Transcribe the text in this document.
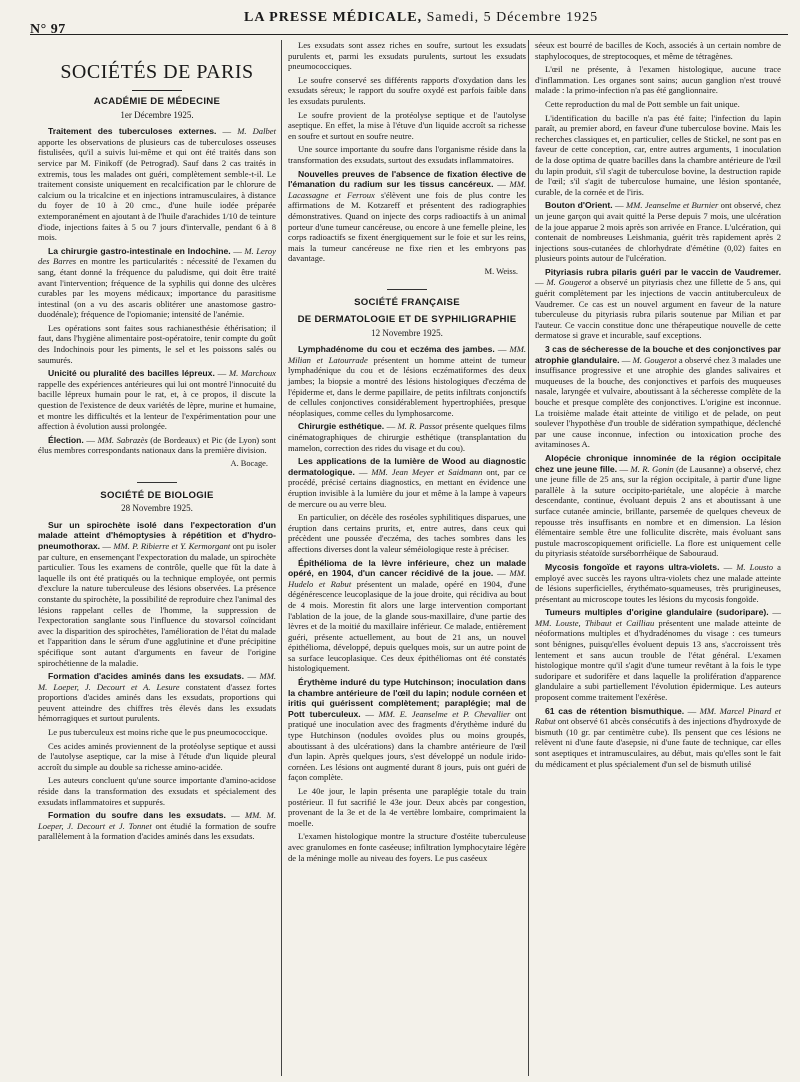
N° 97
LA PRESSE MÉDICALE, Samedi, 5 Décembre 1925
SOCIÉTÉS DE PARIS
ACADÉMIE DE MÉDECINE
1er Décembre 1925.

Traitement des tuberculoses externes. — M. Dalbet apporte les observations de plusieurs cas de tuberculoses osseuses fistulisées, qu'il a suivis lui-même et qui ont été traités dans son service par M. Finikoff (de Petrograd). Sauf dans 2 cas traités in extremis, tous les malades ont guéri, complètement semble-t-il. Le traitement consiste uniquement en recalcification par le chlorure de calcium ou la tricalcine et en injections intramusculaires, à distance du foyer de 10 à 20 cmc., d'une huile iodée préparée extemporanément en ajoutant à de l'huile d'arachides 1/10 de teinture d'iode, injections faites à 5 ou 7 jours d'intervalle, pendant 6 à 8 mois.

La chirurgie gastro-intestinale en Indochine. — M. Leroy des Barres en montre les particularités : nécessité de l'examen du sang, étant donné la fréquence du paludisme, qui doit être traité avant l'intervention; fréquence de la syphilis qui donne des ulcères curables par les moyens médicaux; importance du parasitisme intestinal (on a vu des ascaris oblitérer une anastomose gastro-duodénale); fréquence de l'opiomanie; intensité de l'anémie.

Les opérations sont faites sous rachianesthésie éthérisation; il faut, dans l'hygiène alimentaire post-opératoire, tenir compte du goût des Indochinois pour les piments, le sel et les poissons salés ou saumurés.

Unicité ou pluralité des bacilles lépreux. — M. Marchoux rappelle des expériences antérieures qui lui ont montré l'innocuité du bacille lépreux humain pour le rat, et, à ce propos, il discute la question de l'existence de deux variétés de lèpre, murine et humaine, et montre les difficultés et la lenteur de l'expérimentation pour une affection à évolution aussi prolongée.

Élection. — MM. Sabrazès (de Bordeaux) et Pic (de Lyon) sont élus membres correspondants nationaux dans la première division.

A. Bocage.
SOCIÉTÉ DE BIOLOGIE
28 Novembre 1925.

Sur un spirochète isolé dans l'expectoration d'un malade atteint d'hémoptysies à répétition et d'hydro-pneumothorax. — MM. P. Ribierre et Y. Kermorgant ont pu isoler par culture, en ensemençant l'expectoration du malade, un spirochète particulier. Tous les examens de contrôle, quelle que fût la date à laquelle ils ont été pratiqués ou la technique employée, ont permis d'exclure la nature tuberculeuse des lésions observées. La présence constante du spirochète, la possibilité de reproduire chez l'animal des lésions rappelant celles de l'homme, la suppression de l'expectoration sanglante sous l'influence du stovarsol coïncidant avec la disparition des spirochètes, l'amélioration de l'état du malade et l'apparition dans le sérum d'une agglutinine et d'une précipitine spécifique sont autant d'arguments en faveur de l'origine spirochétienne de la maladie.

Formation d'acides aminés dans les exsudats. — MM. M. Loeper, J. Decourt et A. Lesure constatent d'assez fortes proportions d'acides aminés dans les exsudats, proportions qui peuvent atteindre des chiffres très élevés dans les exsudats hémorragiques et surtout purulents.

Le pus tuberculeux est moins riche que le pus pneumococcique.

Ces acides aminés proviennent de la protéolyse septique et aussi de l'autolyse aseptique, car la mise à l'étude d'un liquide pleural accroît du simple au double sa richesse amino-acidée.

Les auteurs concluent qu'une source importante d'amino-acidose réside dans la transformation des exsudats et spécialement des exsudats inflammatoires et suppurés.

Formation du soufre dans les exsudats. — MM. M. Loeper, J. Decourt et J. Tonnet ont étudié la formation de soufre parallèlement à la formation d'acides aminés dans les exsudats.

Les exsudats sont assez riches en soufre, surtout les exsudats purulents et, parmi les exsudats purulents, surtout les exsudats pneumococciques.

Le soufre conservé ses différents rapports d'oxydation dans les exsudats séreux; le rapport du soufre oxydé est parfois faible dans les exsudats purulents.

Le soufre provient de la protéolyse septique et de l'autolyse aseptique. En effet, la mise à l'étuve d'un liquide accroît sa richesse en soufre et surtout en soufre neutre.

Une source importante du soufre dans l'organisme réside dans la transformation des exsudats, surtout des exsudats inflammatoires.

Nouvelles preuves de l'absence de fixation élective de l'émanation du radium sur les tissus cancéreux. — MM. Lacassagne et Ferroux s'élèvent une fois de plus contre les affirmations de M. Kotzareff et présentent des radiographies démonstratives. Quand on injecte des corps radioactifs à un animal porteur d'une tumeur cancéreuse, ou encore à une femelle pleine, les corps radioactifs se fixent énergiquement sur le foie et sur les reins, mais la tumeur cancéreuse ne fixe rien et les embryons pas davantage.

M. Weiss.
SOCIÉTÉ FRANÇAISE
DE DERMATOLOGIE ET DE SYPHILIGRAPHIE
12 Novembre 1925.

Lymphadénome du cou et eczéma des jambes. — MM. Milian et Latourrade présentent un homme atteint de tumeur lymphadénique du cou et de lésions eczématiformes des deux jambes; la biopsie a montré des lésions histologiques d'eczéma de l'épiderme et, dans le derme papillaire, de petits infiltrats conjonctifs de cellules conjonctives considérablement hypertrophiées, presque néoplasiques, comme celles du lymphosarcome.

Chirurgie esthétique. — M. R. Passot présente quelques films cinématographiques de chirurgie esthétique (transplantation du mamelon, correction des rides du visage et du cou).

Les applications de la lumière de Wood au diagnostic dermatologique. — MM. Jean Meyer et Saidmann ont, par ce procédé, précisé certains diagnostics, en mettant en évidence une éruption invisible à la lumière du jour et même à la lampe à vapeurs de mercure ou au verre bleu.

En particulier, on décèle des roséoles syphilitiques disparues, une éruption dans certains prurits, et, entre autres, dans ceux qui précèdent une poussée d'eczéma, des taches sombres dans les affections diverses dont la valeur séméiologique reste à préciser.

Épithélioma de la lèvre inférieure, chez un malade opéré, en 1904, d'un cancer récidivé de la joue. — MM. Hudelo et Rabut présentent un malade, opéré en 1904, d'une dégénérescence leucoplasique de la joue droite, qui récidiva au bout de 4 mois. Morestin fit alors une large intervention comportant l'ablation de la joue, de la glande sous-maxillaire, d'une partie des lèvres et de la moitié du maxillaire inférieur. Ce malade, entièrement guéri, présente actuellement, au bout de 21 ans, un nouvel épithélioma, développé, depuis quelques mois, sur un autre point de sa surface leucoplasique. Ces deux épithéliomas ont été constatés histologiquement.

Érythème induré du type Hutchinson; inoculation dans la chambre antérieure de l'œil du lapin; nodule cornéen et iritis qui guérissent complètement; paraplégie; mal de Pott tuberculeux. — MM. E. Jeanselme et P. Chevallier ont pratiqué une inoculation avec des fragments d'érythème induré du type Hutchinson (nodules ovoïdes plus ou moins groupés, aboutissant à des ulcérations) dans la chambre antérieure de l'œil d'un lapin. Après quelques jours, s'est développé un nodule irido-cornéen. Les lésions ont augmenté durant 8 jours, puis ont guéri de façon complète.

Le 40e jour, le lapin présenta une paraplégie totale du train postérieur. Il fut sacrifié le 43e jour. Deux abcès par congestion, provenant de la 3e et de la 4e vertèbre lombaire, comprimaient la moelle.

L'examen histologique montre la structure d'ostéite tuberculeuse avec granulomes en fonte caséeuse; infiltration lymphocytaire légère de la méninge molle au niveau des foyers. Le pus caséeux

séeux est bourré de bacilles de Koch, associés à un certain nombre de staphylocoques, de streptocoques, et même de tétragènes.

L'œil ne présente, à l'examen histologique, aucune trace d'inflammation. Les organes sont sains; aucun ganglion n'est trouvé malade : la primo-infection n'a pas été ganglionnaire.

Cette reproduction du mal de Pott semble un fait unique.

L'identification du bacille n'a pas été faite; l'infection du lapin paraît, au premier abord, en faveur d'une tuberculose bovine. Mais les recherches classiques et, en particulier, celles de Stickel, ne sont pas en faveur de cette conception, car, entre autres arguments, 1 inoculation de la dose optima de quatre bacilles dans la chambre antérieure de l'œil du lapin produit, s'il s'agit de tuberculose bovine, la destruction rapide de l'œil; s'il s'agit de tuberculose humaine, une lésion spontanée, curable, de la cornée et de l'iris.

Bouton d'Orient. — MM. Jeanselme et Burnier ont observé, chez un jeune garçon qui avait quitté la Perse depuis 7 mois, une ulcération de la joue apparue 2 mois après son arrivée en France. L'ulcération, qui contenait de nombreuses Leishmania, guérit très rapidement après 2 injections sous-cutanées de chlorhydrate d'émétine (0,02) faites en plusieurs points autour de l'ulcération.

Pityriasis rubra pilaris guéri par le vaccin de Vaudremer. — M. Gougerot a observé un pityriasis chez une fillette de 5 ans, qui guérit complètement par les injections de vaccin antituberculeux de Vaudremer. Ce cas est un nouvel argument en faveur de la nature tuberculeuse du pityriasis rubra pilaris soutenue par Milian et par l'auteur. Ce vaccin constitue donc une thérapeutique nouvelle de cette dermatose si grave et incurable, sauf exceptions.

3 cas de sécheresse de la bouche et des conjonctives par atrophie glandulaire. — M. Gougerot a observé chez 3 malades une insuffisance progressive et une atrophie des glandes salivaires et muqueuses de la bouche, des conjonctives et parfois des muqueuses nasale, laryngée et vulvaire, aboutissant à la sécheresse complète de la bouche et presque complète des conjonctives. L'origine est inconnue. La troisième malade était atteinte de vitiligo et de pelade, on peut soulever l'hypothèse d'un trouble de sidération sympathique, déclenché par une cause inconnue, infection ou intoxication proche des avitaminoses A.

Alopécie chronique innominée de la région occipitale chez une jeune fille. — M. R. Gonin (de Lausanne) a observé, chez une jeune fille de 25 ans, sur la région occipitale, à partir d'une ligne parallèle à la suture occipito-pariétale, une alopécie à marche descendante, continue, évoluant depuis 2 ans et aboutissant à une surface cutanée amincie, brillante, parsemée de quelques cheveux de repousse très insuffisants en nombre et en dimension. La lésion élémentaire semble être une folliculite discrète, mais évoluant sans pustule macroscopiquement orificielle. La flore est uniquement celle du pityriasis stéatoïde surséborrhéique de Sabouraud.

Mycosis fongoïde et rayons ultra-violets. — M. Lousto a employé avec succès les rayons ultra-violets chez une malade atteinte de lésions superficielles, érythémato-squameuses, très prurigineuses, présentant au microscope toutes les lésions du mycosis fongoïde.

Tumeurs multiples d'origine glandulaire (sudoripare). — MM. Louste, Thibaut et Cailliau présentent une malade atteinte de néoformations multiples et d'hydradénomes du visage : ces tumeurs sont bénignes, puisqu'elles évoluent depuis 13 ans, s'accroissent très lentement et sans aucun trouble de l'état général. L'examen histologique montre qu'il s'agit d'une tumeur revêtant à la fois le type sudoripare et sudorifère et dans laquelle la prolifération d'apparence glandulaire a subi partiellement l'évolution épidermique. Les auteurs proposent comme traitement l'exérèse.

61 cas de rétention bismuthique. — MM. Marcel Pinard et Rabut ont observé 61 abcès consécutifs à des injections d'hydroxyde de bismuth (10 gr. par centimètre cube). Ils pensent que ces lésions ne relèvent ni d'une faute d'asepsie, ni d'une faute de technique, car elles sont aseptiques et intramusculaires, au début, mais qu'elles sont le fait du médicament et plus spécialement d'un sel de bismuth utilisé
